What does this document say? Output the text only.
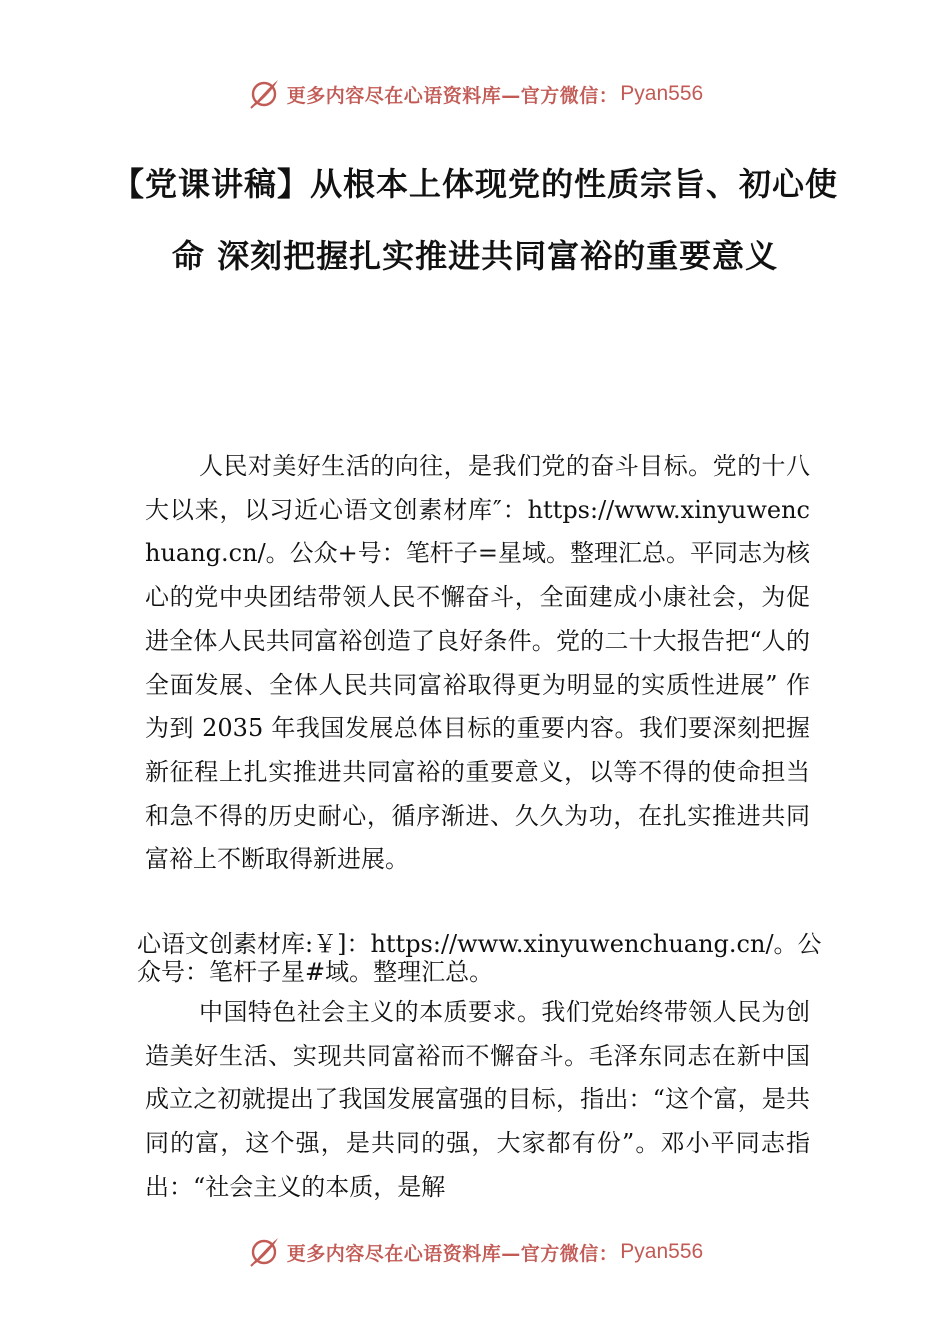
更多内容尽在心语资料库—官方微信： Pyan556
【党课讲稿】从根本上体现党的性质宗旨、初心使命 深刻把握扎实推进共同富裕的重要意义

人民对美好生活的向往，是我们党的奋斗目标。党的十八大以来，以习近心语文创素材库″：https://www.xinyuwenchuang.cn/。公众+号：笔杆子=星域。整理汇总。平同志为核心的党中央团结带领人民不懈奋斗，全面建成小康社会，为促进全体人民共同富裕创造了良好条件。党的二十大报告把“人的全面发展、全体人民共同富裕取得更为明显的实质性进展” 作为到 2035 年我国发展总体目标的重要内容。我们要深刻把握新征程上扎实推进共同富裕的重要意义，以等不得的使命担当和急不得的历史耐心，循序渐进、久久为功，在扎实推进共同富裕上不断取得新进展。

心语文创素材库:￥]：https://www.xinyuwenchuang.cn/。公众号：笔杆子星#域。整理汇总。

中国特色社会主义的本质要求。我们党始终带领人民为创造美好生活、实现共同富裕而不懈奋斗。毛泽东同志在新中国成立之初就提出了我国发展富强的目标，指出：“这个富，是共同的富，这个强，是共同的强，大家都有份”。邓小平同志指出：“社会主义的本质，是解

更多内容尽在心语资料库—官方微信： Pyan556
